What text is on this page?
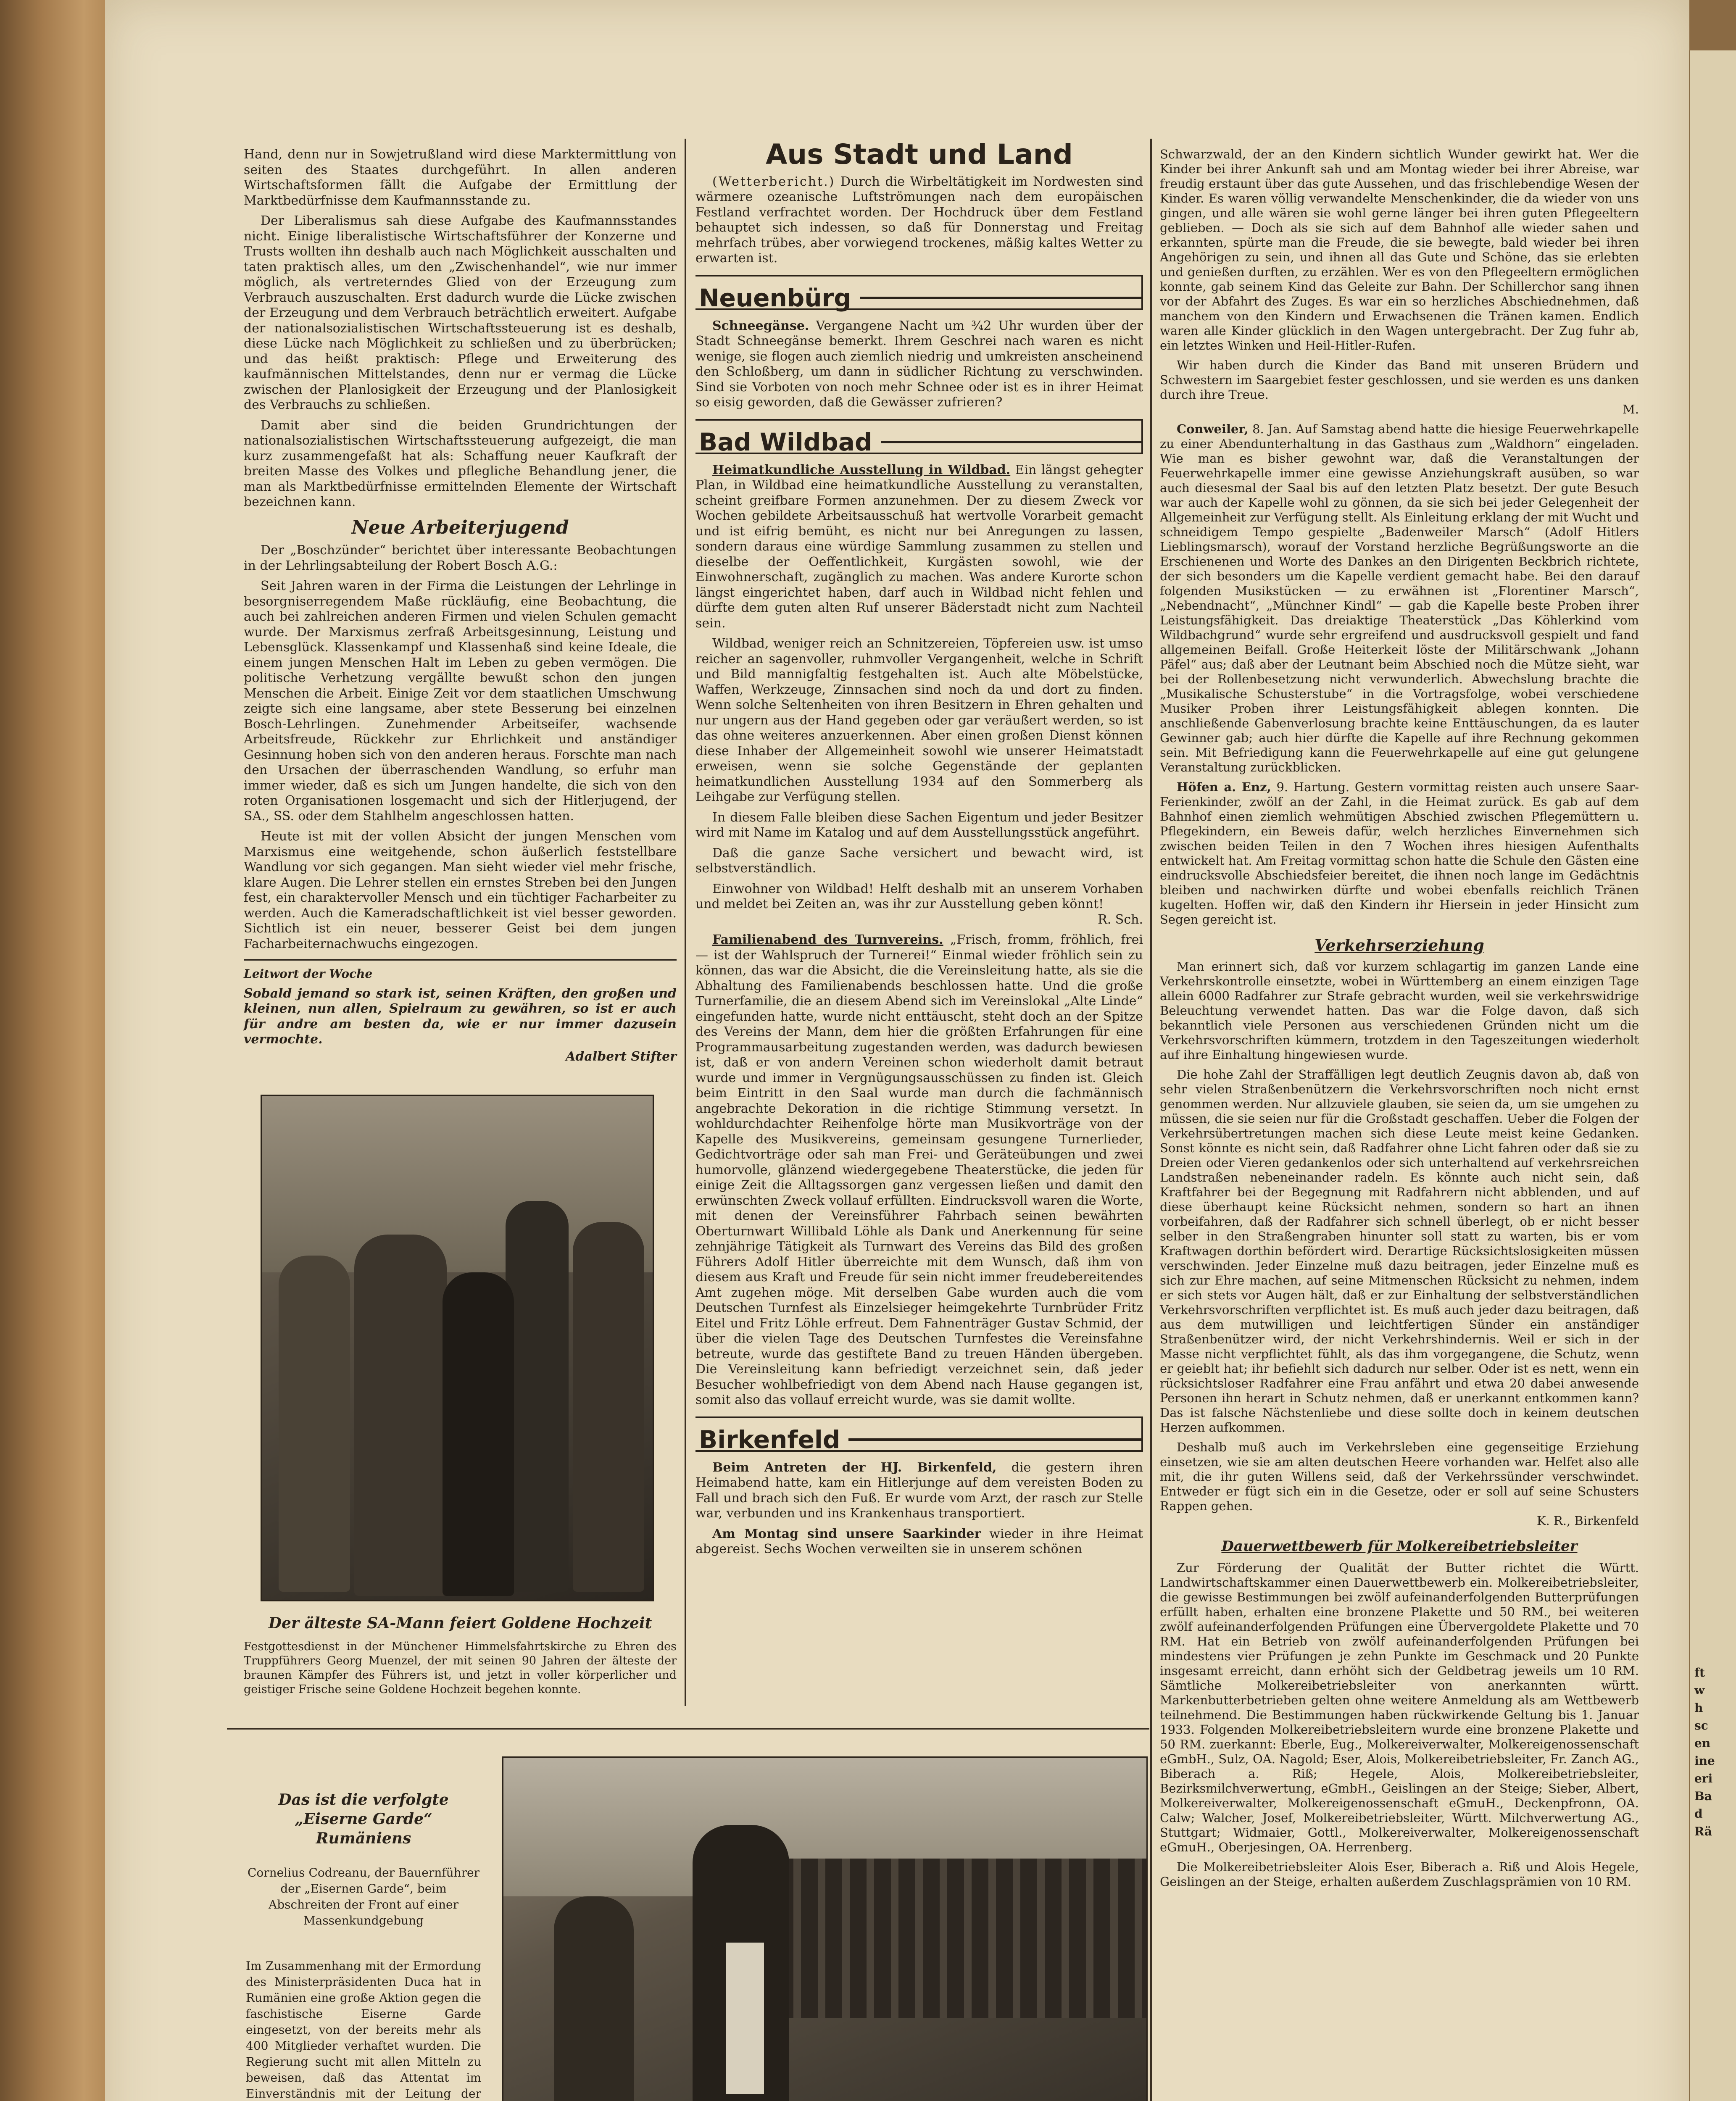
Hand, denn nur in Sowjetrußland wird diese Marktermittlung von seiten des Staates durchgeführt. In allen anderen Wirtschaftsformen fällt die Aufgabe der Ermittlung der Marktbedürfnisse dem Kaufmannsstande zu.

Der Liberalismus sah diese Aufgabe des Kaufmannsstandes nicht. Einige liberalistische Wirtschaftsführer der Konzerne und Trusts wollten ihn deshalb auch nach Möglichkeit ausschalten und taten praktisch alles, um den „Zwischenhandel“, wie nur immer möglich, als vertreterndes Glied von der Erzeugung zum Verbrauch auszuschalten. Erst dadurch wurde die Lücke zwischen der Erzeugung und dem Verbrauch beträchtlich erweitert. Aufgabe der nationalsozialistischen Wirtschaftssteuerung ist es deshalb, diese Lücke nach Möglichkeit zu schließen und zu überbrücken; und das heißt praktisch: Pflege und Erweiterung des kaufmännischen Mittelstandes, denn nur er vermag die Lücke zwischen der Planlosigkeit der Erzeugung und der Planlosigkeit des Verbrauchs zu schließen.

Damit aber sind die beiden Grundrichtungen der nationalsozialistischen Wirtschaftssteuerung aufgezeigt, die man kurz zusammengefaßt hat als: Schaffung neuer Kaufkraft der breiten Masse des Volkes und pflegliche Behandlung jener, die man als Marktbedürfnisse ermittelnden Elemente der Wirtschaft bezeichnen kann.

Neue Arbeiterjugend

Der „Boschzünder“ berichtet über interessante Beobachtungen in der Lehrlingsabteilung der Robert Bosch A.G.:

Seit Jahren waren in der Firma die Leistungen der Lehrlinge in besorgniserregendem Maße rückläufig, eine Beobachtung, die auch bei zahlreichen anderen Firmen und vielen Schulen gemacht wurde. Der Marxismus zerfraß Arbeitsgesinnung, Leistung und Lebensglück. Klassenkampf und Klassenhaß sind keine Ideale, die einem jungen Menschen Halt im Leben zu geben vermögen. Die politische Verhetzung vergällte bewußt schon den jungen Menschen die Arbeit. Einige Zeit vor dem staatlichen Umschwung zeigte sich eine langsame, aber stete Besserung bei einzelnen Bosch-Lehrlingen. Zunehmender Arbeitseifer, wachsende Arbeitsfreude, Rückkehr zur Ehrlichkeit und anständiger Gesinnung hoben sich von den anderen heraus. Forschte man nach den Ursachen der überraschenden Wandlung, so erfuhr man immer wieder, daß es sich um Jungen handelte, die sich von den roten Organisationen losgemacht und sich der Hitlerjugend, der SA., SS. oder dem Stahlhelm angeschlossen hatten.

Heute ist mit der vollen Absicht der jungen Menschen vom Marxismus eine weitgehende, schon äußerlich feststellbare Wandlung vor sich gegangen. Man sieht wieder viel mehr frische, klare Augen. Die Lehrer stellen ein ernstes Streben bei den Jungen fest, ein charaktervoller Mensch und ein tüchtiger Facharbeiter zu werden. Auch die Kameradschaftlichkeit ist viel besser geworden. Sichtlich ist ein neuer, besserer Geist bei dem jungen Facharbeiternachwuchs eingezogen.

Leitwort der Woche

Sobald jemand so stark ist, seinen Kräften, den großen und kleinen, nun allen, Spielraum zu gewähren, so ist er auch für andre am besten da, wie er nur immer dazusein vermochte.

Adalbert Stifter
Der älteste SA-Mann feiert Goldene Hochzeit
Festgottesdienst in der Münchener Himmelsfahrtskirche zu Ehren des Truppführers Georg Muenzel, der mit seinen 90 Jahren der älteste der braunen Kämpfer des Führers ist, und jetzt in voller körperlicher und geistiger Frische seine Goldene Hochzeit begehen konnte.
Das ist die verfolgte „Eiserne Garde“ Rumäniens
Cornelius Codreanu, der Bauernführer der „Eisernen Garde“, beim Abschreiten der Front auf einer Massenkundgebung
Im Zusammenhang mit der Ermordung des Ministerpräsidenten Duca hat in Rumänien eine große Aktion gegen die faschistische Eiserne Garde eingesetzt, von der bereits mehr als 400 Mitglieder verhaftet wurden. Die Regierung sucht mit allen Mitteln zu beweisen, daß das Attentat im Einverständnis mit der Leitung der
Aus Stadt und Land

(Wetterbericht.) Durch die Wirbeltätigkeit im Nordwesten sind wärmere ozeanische Luftströmungen nach dem europäischen Festland verfrachtet worden. Der Hochdruck über dem Festland behauptet sich indessen, so daß für Donnerstag und Freitag mehrfach trübes, aber vorwiegend trockenes, mäßig kaltes Wetter zu erwarten ist.

Neuenbürg

Schneegänse. Vergangene Nacht um ¾2 Uhr wurden über der Stadt Schneegänse bemerkt. Ihrem Geschrei nach waren es nicht wenige, sie flogen auch ziemlich niedrig und umkreisten anscheinend den Schloßberg, um dann in südlicher Richtung zu verschwinden. Sind sie Vorboten von noch mehr Schnee oder ist es in ihrer Heimat so eisig geworden, daß die Gewässer zufrieren?

Bad Wildbad

Heimatkundliche Ausstellung in Wildbad. Ein längst gehegter Plan, in Wildbad eine heimatkundliche Ausstellung zu veranstalten, scheint greifbare Formen anzunehmen. Der zu diesem Zweck vor Wochen gebildete Arbeitsausschuß hat wertvolle Vorarbeit gemacht und ist eifrig bemüht, es nicht nur bei Anregungen zu lassen, sondern daraus eine würdige Sammlung zusammen zu stellen und dieselbe der Oeffentlichkeit, Kurgästen sowohl, wie der Einwohnerschaft, zugänglich zu machen. Was andere Kurorte schon längst eingerichtet haben, darf auch in Wildbad nicht fehlen und dürfte dem guten alten Ruf unserer Bäderstadt nicht zum Nachteil sein.

Wildbad, weniger reich an Schnitzereien, Töpfereien usw. ist umso reicher an sagenvoller, ruhmvoller Vergangenheit, welche in Schrift und Bild mannigfaltig festgehalten ist. Auch alte Möbelstücke, Waffen, Werkzeuge, Zinnsachen sind noch da und dort zu finden. Wenn solche Seltenheiten von ihren Besitzern in Ehren gehalten und nur ungern aus der Hand gegeben oder gar veräußert werden, so ist das ohne weiteres anzuerkennen. Aber einen großen Dienst können diese Inhaber der Allgemeinheit sowohl wie unserer Heimatstadt erweisen, wenn sie solche Gegenstände der geplanten heimatkundlichen Ausstellung 1934 auf den Sommerberg als Leihgabe zur Verfügung stellen.

In diesem Falle bleiben diese Sachen Eigentum und jeder Besitzer wird mit Name im Katalog und auf dem Ausstellungsstück angeführt.

Daß die ganze Sache versichert und bewacht wird, ist selbstverständlich.

Einwohner von Wildbad! Helft deshalb mit an unserem Vorhaben und meldet bei Zeiten an, was ihr zur Ausstellung geben könnt!

R. Sch.

Familienabend des Turnvereins. „Frisch, fromm, fröhlich, frei — ist der Wahlspruch der Turnerei!“ Einmal wieder fröhlich sein zu können, das war die Absicht, die die Vereinsleitung hatte, als sie die Abhaltung des Familienabends beschlossen hatte. Und die große Turnerfamilie, die an diesem Abend sich im Vereinslokal „Alte Linde“ eingefunden hatte, wurde nicht enttäuscht, steht doch an der Spitze des Vereins der Mann, dem hier die größten Erfahrungen für eine Programmausarbeitung zugestanden werden, was dadurch bewiesen ist, daß er von andern Vereinen schon wiederholt damit betraut wurde und immer in Vergnügungsausschüssen zu finden ist. Gleich beim Eintritt in den Saal wurde man durch die fachmännisch angebrachte Dekoration in die richtige Stimmung versetzt. In wohldurchdachter Reihenfolge hörte man Musikvorträge von der Kapelle des Musikvereins, gemeinsam gesungene Turnerlieder, Gedichtvorträge oder sah man Frei- und Geräteübungen und zwei humorvolle, glänzend wiedergegebene Theaterstücke, die jeden für einige Zeit die Alltagssorgen ganz vergessen ließen und damit den erwünschten Zweck vollauf erfüllten. Eindrucksvoll waren die Worte, mit denen der Vereinsführer Fahrbach seinen bewährten Oberturnwart Willibald Löhle als Dank und Anerkennung für seine zehnjährige Tätigkeit als Turnwart des Vereins das Bild des großen Führers Adolf Hitler überreichte mit dem Wunsch, daß ihm von diesem aus Kraft und Freude für sein nicht immer freudebereitendes Amt zugehen möge. Mit derselben Gabe wurden auch die vom Deutschen Turnfest als Einzelsieger heimgekehrte Turnbrüder Fritz Eitel und Fritz Löhle erfreut. Dem Fahnenträger Gustav Schmid, der über die vielen Tage des Deutschen Turnfestes die Vereinsfahne betreute, wurde das gestiftete Band zu treuen Händen übergeben. Die Vereinsleitung kann befriedigt verzeichnet sein, daß jeder Besucher wohlbefriedigt von dem Abend nach Hause gegangen ist, somit also das vollauf erreicht wurde, was sie damit wollte.

Birkenfeld

Beim Antreten der HJ. Birkenfeld, die gestern ihren Heimabend hatte, kam ein Hitlerjunge auf dem vereisten Boden zu Fall und brach sich den Fuß. Er wurde vom Arzt, der rasch zur Stelle war, verbunden und ins Krankenhaus transportiert.

Am Montag sind unsere Saarkinder wieder in ihre Heimat abgereist. Sechs Wochen verweilten sie in unserem schönen

Schwarzwald, der an den Kindern sichtlich Wunder gewirkt hat. Wer die Kinder bei ihrer Ankunft sah und am Montag wieder bei ihrer Abreise, war freudig erstaunt über das gute Aussehen, und das frischlebendige Wesen der Kinder. Es waren völlig verwandelte Menschenkinder, die da wieder von uns gingen, und alle wären sie wohl gerne länger bei ihren guten Pflegeeltern geblieben. — Doch als sie sich auf dem Bahnhof alle wieder sahen und erkannten, spürte man die Freude, die sie bewegte, bald wieder bei ihren Angehörigen zu sein, und ihnen all das Gute und Schöne, das sie erlebten und genießen durften, zu erzählen. Wer es von den Pflegeeltern ermöglichen konnte, gab seinem Kind das Geleite zur Bahn. Der Schillerchor sang ihnen vor der Abfahrt des Zuges. Es war ein so herzliches Abschiednehmen, daß manchem von den Kindern und Erwachsenen die Tränen kamen. Endlich waren alle Kinder glücklich in den Wagen untergebracht. Der Zug fuhr ab, ein letztes Winken und Heil-Hitler-Rufen.

Wir haben durch die Kinder das Band mit unseren Brüdern und Schwestern im Saargebiet fester geschlossen, und sie werden es uns danken durch ihre Treue.

M.

Conweiler, 8. Jan. Auf Samstag abend hatte die hiesige Feuerwehrkapelle zu einer Abendunterhaltung in das Gasthaus zum „Waldhorn“ eingeladen. Wie man es bisher gewohnt war, daß die Veranstaltungen der Feuerwehrkapelle immer eine gewisse Anziehungskraft ausüben, so war auch diesesmal der Saal bis auf den letzten Platz besetzt. Der gute Besuch war auch der Kapelle wohl zu gönnen, da sie sich bei jeder Gelegenheit der Allgemeinheit zur Verfügung stellt. Als Einleitung erklang der mit Wucht und schneidigem Tempo gespielte „Badenweiler Marsch“ (Adolf Hitlers Lieblingsmarsch), worauf der Vorstand herzliche Begrüßungsworte an die Erschienenen und Worte des Dankes an den Dirigenten Beckbrich richtete, der sich besonders um die Kapelle verdient gemacht habe. Bei den darauf folgenden Musikstücken — zu erwähnen ist „Florentiner Marsch“, „Nebendnacht“, „Münchner Kindl“ — gab die Kapelle beste Proben ihrer Leistungsfähigkeit. Das dreiaktige Theaterstück „Das Köhlerkind vom Wildbachgrund“ wurde sehr ergreifend und ausdrucksvoll gespielt und fand allgemeinen Beifall. Große Heiterkeit löste der Militärschwank „Johann Päfel“ aus; daß aber der Leutnant beim Abschied noch die Mütze sieht, war bei der Rollenbesetzung nicht verwunderlich. Abwechslung brachte die „Musikalische Schusterstube“ in die Vortragsfolge, wobei verschiedene Musiker Proben ihrer Leistungsfähigkeit ablegen konnten. Die anschließende Gabenverlosung brachte keine Enttäuschungen, da es lauter Gewinner gab; auch hier dürfte die Kapelle auf ihre Rechnung gekommen sein. Mit Befriedigung kann die Feuerwehrkapelle auf eine gut gelungene Veranstaltung zurückblicken.

Höfen a. Enz, 9. Hartung. Gestern vormittag reisten auch unsere Saar-Ferienkinder, zwölf an der Zahl, in die Heimat zurück. Es gab auf dem Bahnhof einen ziemlich wehmütigen Abschied zwischen Pflegemüttern u. Pflegekindern, ein Beweis dafür, welch herzliches Einvernehmen sich zwischen beiden Teilen in den 7 Wochen ihres hiesigen Aufenthalts entwickelt hat. Am Freitag vormittag schon hatte die Schule den Gästen eine eindrucksvolle Abschiedsfeier bereitet, die ihnen noch lange im Gedächtnis bleiben und nachwirken dürfte und wobei ebenfalls reichlich Tränen kugelten. Hoffen wir, daß den Kindern ihr Hiersein in jeder Hinsicht zum Segen gereicht ist.

Verkehrserziehung

Man erinnert sich, daß vor kurzem schlagartig im ganzen Lande eine Verkehrskontrolle einsetzte, wobei in Württemberg an einem einzigen Tage allein 6000 Radfahrer zur Strafe gebracht wurden, weil sie verkehrswidrige Beleuchtung verwendet hatten. Das war die Folge davon, daß sich bekanntlich viele Personen aus verschiedenen Gründen nicht um die Verkehrsvorschriften kümmern, trotzdem in den Tageszeitungen wiederholt auf ihre Einhaltung hingewiesen wurde.

Die hohe Zahl der Straffälligen legt deutlich Zeugnis davon ab, daß von sehr vielen Straßenbenützern die Verkehrsvorschriften noch nicht ernst genommen werden. Nur allzuviele glauben, sie seien da, um sie umgehen zu müssen, die sie seien nur für die Großstadt geschaffen. Ueber die Folgen der Verkehrsübertretungen machen sich diese Leute meist keine Gedanken. Sonst könnte es nicht sein, daß Radfahrer ohne Licht fahren oder daß sie zu Dreien oder Vieren gedankenlos oder sich unterhaltend auf verkehrsreichen Landstraßen nebeneinander radeln. Es könnte auch nicht sein, daß Kraftfahrer bei der Begegnung mit Radfahrern nicht abblenden, und auf diese überhaupt keine Rücksicht nehmen, sondern so hart an ihnen vorbeifahren, daß der Radfahrer sich schnell überlegt, ob er nicht besser selber in den Straßengraben hinunter soll statt zu warten, bis er vom Kraftwagen dorthin befördert wird. Derartige Rücksichtslosigkeiten müssen verschwinden. Jeder Einzelne muß dazu beitragen, jeder Einzelne muß es sich zur Ehre machen, auf seine Mitmenschen Rücksicht zu nehmen, indem er sich stets vor Augen hält, daß er zur Einhaltung der selbstverständlichen Verkehrsvorschriften verpflichtet ist. Es muß auch jeder dazu beitragen, daß aus dem mutwilligen und leichtfertigen Sünder ein anständiger Straßenbenützer wird, der nicht Verkehrshindernis. Weil er sich in der Masse nicht verpflichtet fühlt, als das ihm vorgegangene, die Schutz, wenn er geieblt hat; ihr befiehlt sich dadurch nur selber. Oder ist es nett, wenn ein rücksichtsloser Radfahrer eine Frau anfährt und etwa 20 dabei anwesende Personen ihn herart in Schutz nehmen, daß er unerkannt entkommen kann? Das ist falsche Nächstenliebe und diese sollte doch in keinem deutschen Herzen aufkommen.

Deshalb muß auch im Verkehrsleben eine gegenseitige Erziehung einsetzen, wie sie am alten deutschen Heere vorhanden war. Helfet also alle mit, die ihr guten Willens seid, daß der Verkehrssünder verschwindet. Entweder er fügt sich ein in die Gesetze, oder er soll auf seine Schusters Rappen gehen.

K. R., Birkenfeld
Dauerwettbewerb für Molkereibetriebsleiter

Zur Förderung der Qualität der Butter richtet die Württ. Landwirtschaftskammer einen Dauerwettbewerb ein. Molkereibetriebsleiter, die gewisse Bestimmungen bei zwölf aufeinanderfolgenden Butterprüfungen erfüllt haben, erhalten eine bronzene Plakette und 50 RM., bei weiteren zwölf aufeinanderfolgenden Prüfungen eine Übervergoldete Plakette und 70 RM. Hat ein Betrieb von zwölf aufeinanderfolgenden Prüfungen bei mindestens vier Prüfungen je zehn Punkte im Geschmack und 20 Punkte insgesamt erreicht, dann erhöht sich der Geldbetrag jeweils um 10 RM. Sämtliche Molkereibetriebsleiter von anerkannten württ. Markenbutterbetrieben gelten ohne weitere Anmeldung als am Wettbewerb teilnehmend. Die Bestimmungen haben rückwirkende Geltung bis 1. Januar 1933. Folgenden Molkereibetriebsleitern wurde eine bronzene Plakette und 50 RM. zuerkannt: Eberle, Eug., Molkereiverwalter, Molkereigenossenschaft eGmbH., Sulz, OA. Nagold; Eser, Alois, Molkereibetriebsleiter, Fr. Zanch AG., Biberach a. Riß; Hegele, Alois, Molkereibetriebsleiter, Bezirksmilchverwertung, eGmbH., Geislingen an der Steige; Sieber, Albert, Molkereiverwalter, Molkereigenossenschaft eGmuH., Deckenpfronn, OA. Calw; Walcher, Josef, Molkereibetriebsleiter, Württ. Milchverwertung AG., Stuttgart; Widmaier, Gottl., Molkereiverwalter, Molkereigenossenschaft eGmuH., Oberjesingen, OA. Herrenberg.

Die Molkereibetriebsleiter Alois Eser, Biberach a. Riß und Alois Hegele, Geislingen an der Steige, erhalten außerdem Zuschlagsprämien von 10 RM.

ft
w
h
sc
en
ine
eri
Ba
d
Rä
